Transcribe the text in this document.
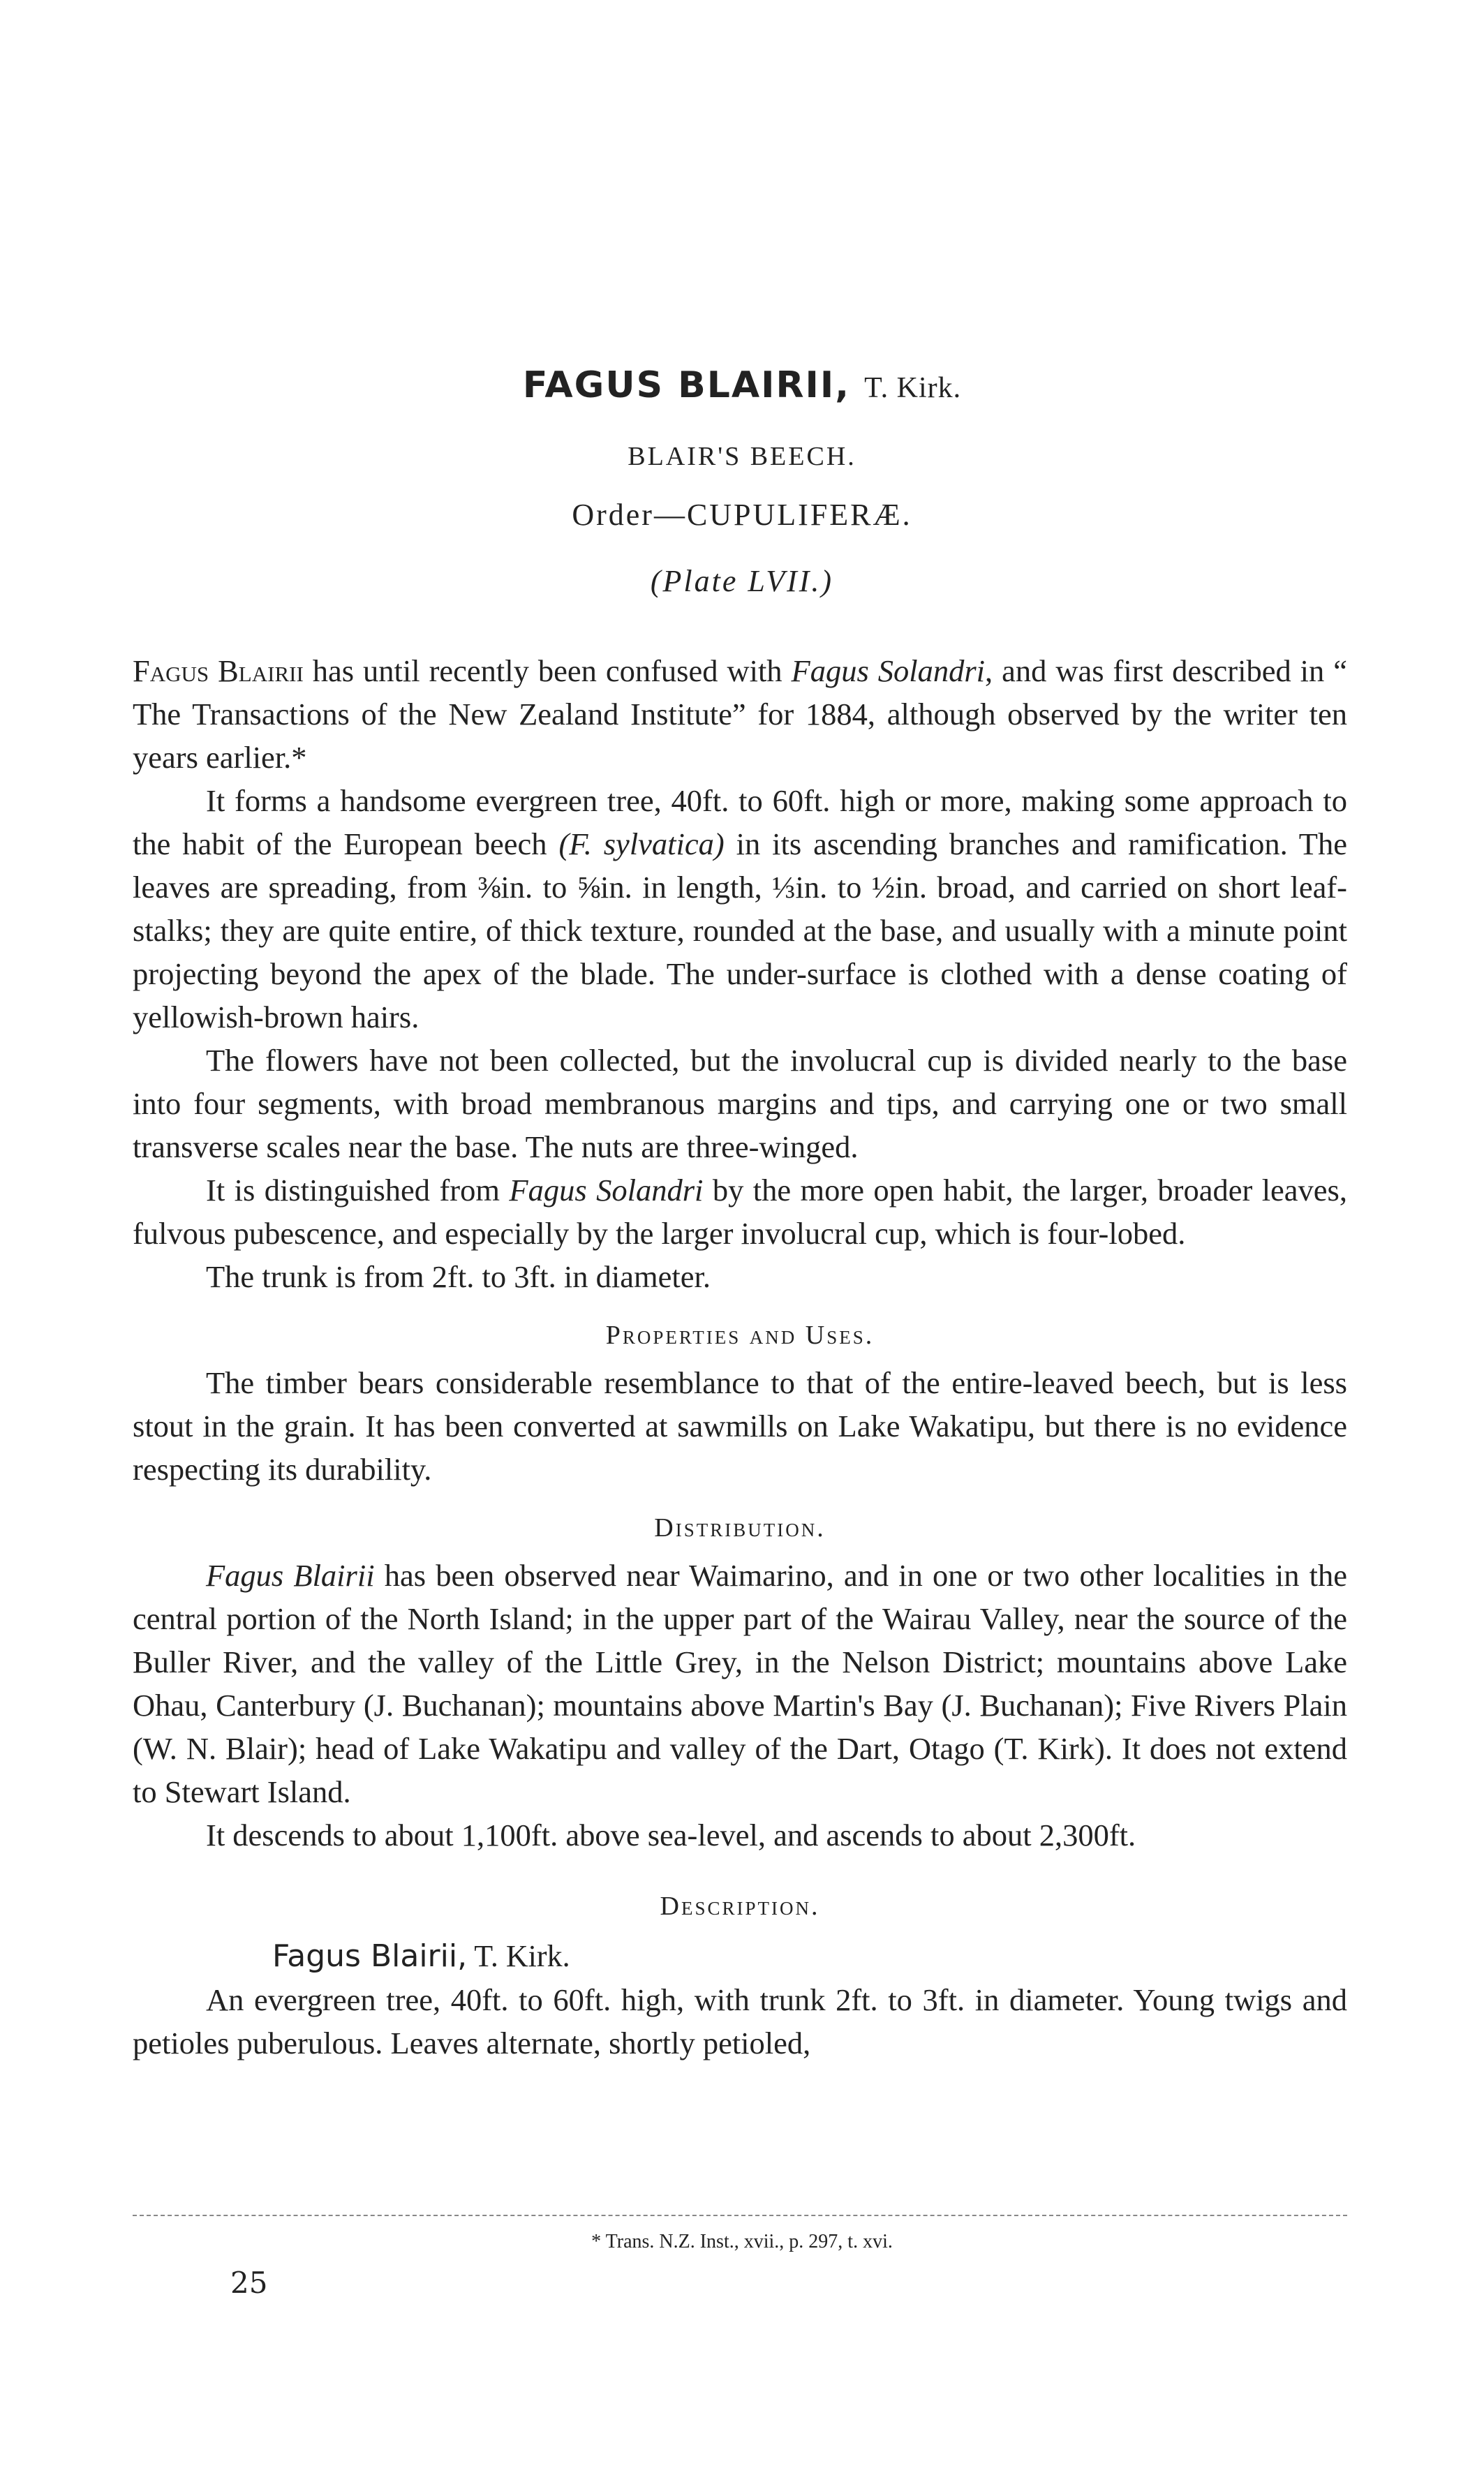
FAGUS BLAIRII, T. Kirk.
BLAIR'S BEECH.
Order—CUPULIFERÆ.
(Plate LVII.)

Fagus Blairii has until recently been confused with Fagus Solandri, and was first described in “ The Transactions of the New Zealand Institute” for 1884, although observed by the writer ten years earlier.*

It forms a handsome evergreen tree, 40ft. to 60ft. high or more, making some approach to the habit of the European beech (F. sylvatica) in its ascending branches and ramification. The leaves are spreading, from ⅜in. to ⅝in. in length, ⅓in. to ½in. broad, and carried on short leaf-stalks; they are quite entire, of thick texture, rounded at the base, and usually with a minute point projecting beyond the apex of the blade. The under-surface is clothed with a dense coating of yellowish-brown hairs.

The flowers have not been collected, but the involucral cup is divided nearly to the base into four segments, with broad membranous margins and tips, and carrying one or two small transverse scales near the base. The nuts are three-winged.

It is distinguished from Fagus Solandri by the more open habit, the larger, broader leaves, fulvous pubescence, and especially by the larger involucral cup, which is four-lobed.

The trunk is from 2ft. to 3ft. in diameter.

Properties and Uses.

The timber bears considerable resemblance to that of the entire-leaved beech, but is less stout in the grain. It has been converted at sawmills on Lake Wakatipu, but there is no evidence respecting its durability.

Distribution.

Fagus Blairii has been observed near Waimarino, and in one or two other localities in the central portion of the North Island; in the upper part of the Wairau Valley, near the source of the Buller River, and the valley of the Little Grey, in the Nelson District; mountains above Lake Ohau, Canterbury (J. Buchanan); mountains above Martin's Bay (J. Buchanan); Five Rivers Plain (W. N. Blair); head of Lake Wakatipu and valley of the Dart, Otago (T. Kirk). It does not extend to Stewart Island.

It descends to about 1,100ft. above sea-level, and ascends to about 2,300ft.

Description.

Fagus Blairii, T. Kirk.

An evergreen tree, 40ft. to 60ft. high, with trunk 2ft. to 3ft. in diameter. Young twigs and petioles puberulous. Leaves alternate, shortly petioled,

* Trans. N.Z. Inst., xvii., p. 297, t. xvi.
25
